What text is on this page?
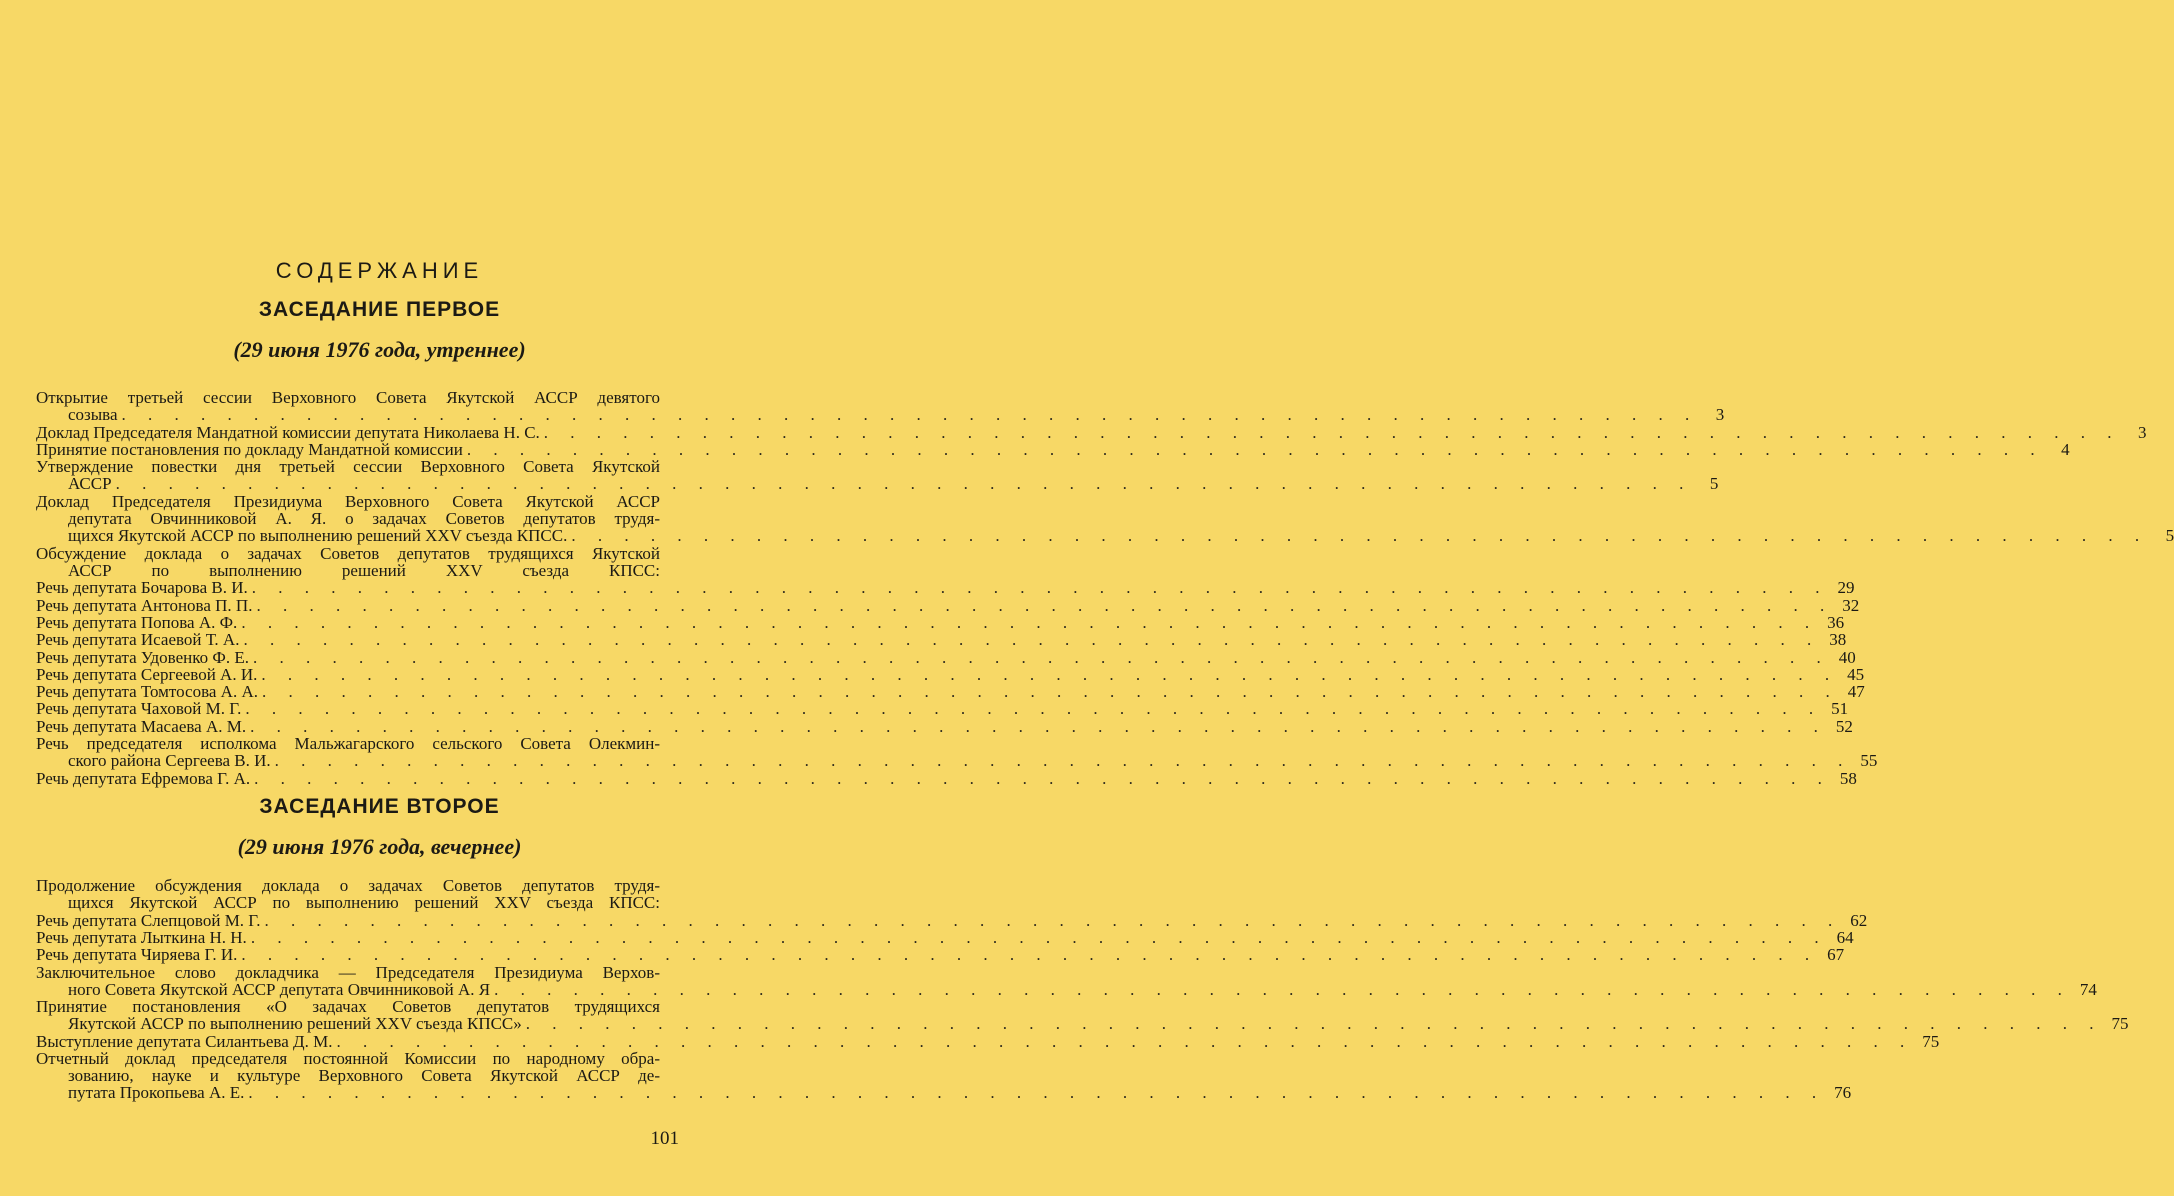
СОДЕРЖАНИЕ
ЗАСЕДАНИЕ ПЕРВОЕ
(29 июня 1976 года, утреннее)
Открытие третьей сессии Верховного Совета Якутской АССР девятого
созыва . . . . . . . . . . . . . . . . . . . . . . . . . . . . . . . . . . . . . . . . . . . . . . . . . . . . . . . . . . . .	3
Доклад Председателя Мандатной комиссии депутата Николаева Н. С. . . . . . . . . . . . . . . . . . . . . . . . . . . . . . . . . . . . . . . . . . . . . . . . . . . . . . . . . . . . .	3
Принятие постановления по докладу Мандатной комиссии . . . . . . . . . . . . . . . . . . . . . . . . . . . . . . . . . . . . . . . . . . . . . . . . . . . . . . . . . . . .	4
Утверждение повестки дня третьей сессии Верховного Совета Якутской
АССР . . . . . . . . . . . . . . . . . . . . . . . . . . . . . . . . . . . . . . . . . . . . . . . . . . . . . . . . . . . .	5
Доклад Председателя Президиума Верховного Совета Якутской АССР
депутата Овчинниковой А. Я. о задачах Советов депутатов трудя-
щихся Якутской АССР по выполнению решений XXV съезда КПСС. . . . . . . . . . . . . . . . . . . . . . . . . . . . . . . . . . . . . . . . . . . . . . . . . . . . . . . . . . . . .	5
Обсуждение доклада о задачах Советов депутатов трудящихся Якутской
АССР по выполнению решений XXV съезда КПСС:
Речь депутата Бочарова В. И. . . . . . . . . . . . . . . . . . . . . . . . . . . . . . . . . . . . . . . . . . . . . . . . . . . . . . . . . . . . . 29
Речь депутата Антонова П. П. . . . . . . . . . . . . . . . . . . . . . . . . . . . . . . . . . . . . . . . . . . . . . . . . . . . . . . . . . . . . 32
Речь депутата Попова А. Ф. . . . . . . . . . . . . . . . . . . . . . . . . . . . . . . . . . . . . . . . . . . . . . . . . . . . . . . . . . . . . 36
Речь депутата Исаевой Т. А. . . . . . . . . . . . . . . . . . . . . . . . . . . . . . . . . . . . . . . . . . . . . . . . . . . . . . . . . . . . . 38
Речь депутата Удовенко Ф. Е. . . . . . . . . . . . . . . . . . . . . . . . . . . . . . . . . . . . . . . . . . . . . . . . . . . . . . . . . . . . . 40
Речь депутата Сергеевой А. И. . . . . . . . . . . . . . . . . . . . . . . . . . . . . . . . . . . . . . . . . . . . . . . . . . . . . . . . . . . . . 45
Речь депутата Томтосова А. А. . . . . . . . . . . . . . . . . . . . . . . . . . . . . . . . . . . . . . . . . . . . . . . . . . . . . . . . . . . . . 47
Речь депутата Чаховой М. Г. . . . . . . . . . . . . . . . . . . . . . . . . . . . . . . . . . . . . . . . . . . . . . . . . . . . . . . . . . . . . 51
Речь депутата Масаева А. М. . . . . . . . . . . . . . . . . . . . . . . . . . . . . . . . . . . . . . . . . . . . . . . . . . . . . . . . . . . . . 52
Речь председателя исполкома Мальжагарского сельского Совета Олекмин-
ского района Сергеева В. И. . . . . . . . . . . . . . . . . . . . . . . . . . . . . . . . . . . . . . . . . . . . . . . . . . . . . . . . . . . . . 55
Речь депутата Ефремова Г. А. . . . . . . . . . . . . . . . . . . . . . . . . . . . . . . . . . . . . . . . . . . . . . . . . . . . . . . . . . . . . 58
ЗАСЕДАНИЕ ВТОРОЕ
(29 июня 1976 года, вечернее)
Продолжение обсуждения доклада о задачах Советов депутатов трудя-
щихся Якутской АССР по выполнению решений XXV съезда КПСС:
Речь депутата Слепцовой М. Г. . . . . . . . . . . . . . . . . . . . . . . . . . . . . . . . . . . . . . . . . . . . . . . . . . . . . . . . . . . . . 62
Речь депутата Лыткина Н. Н. . . . . . . . . . . . . . . . . . . . . . . . . . . . . . . . . . . . . . . . . . . . . . . . . . . . . . . . . . . . . 64
Речь депутата Чиряева Г. И. . . . . . . . . . . . . . . . . . . . . . . . . . . . . . . . . . . . . . . . . . . . . . . . . . . . . . . . . . . . . 67
Заключительное слово докладчика — Председателя Президиума Верхов-
ного Совета Якутской АССР депутата Овчинниковой А. Я . . . . . . . . . . . . . . . . . . . . . . . . . . . . . . . . . . . . . . . . . . . . . . . . . . . . . . . . . . . . 74
Принятие постановления «О задачах Советов депутатов трудящихся
Якутской АССР по выполнению решений XXV съезда КПСС» . . . . . . . . . . . . . . . . . . . . . . . . . . . . . . . . . . . . . . . . . . . . . . . . . . . . . . . . . . . . 75
Выступление депутата Силантьева Д. М. . . . . . . . . . . . . . . . . . . . . . . . . . . . . . . . . . . . . . . . . . . . . . . . . . . . . . . . . . . . . 75
Отчетный доклад председателя постоянной Комиссии по народному обра-
зованию, науке и культуре Верховного Совета Якутской АССР де-
путата Прокопьева А. Е. . . . . . . . . . . . . . . . . . . . . . . . . . . . . . . . . . . . . . . . . . . . . . . . . . . . . . . . . . . . . 76
101
